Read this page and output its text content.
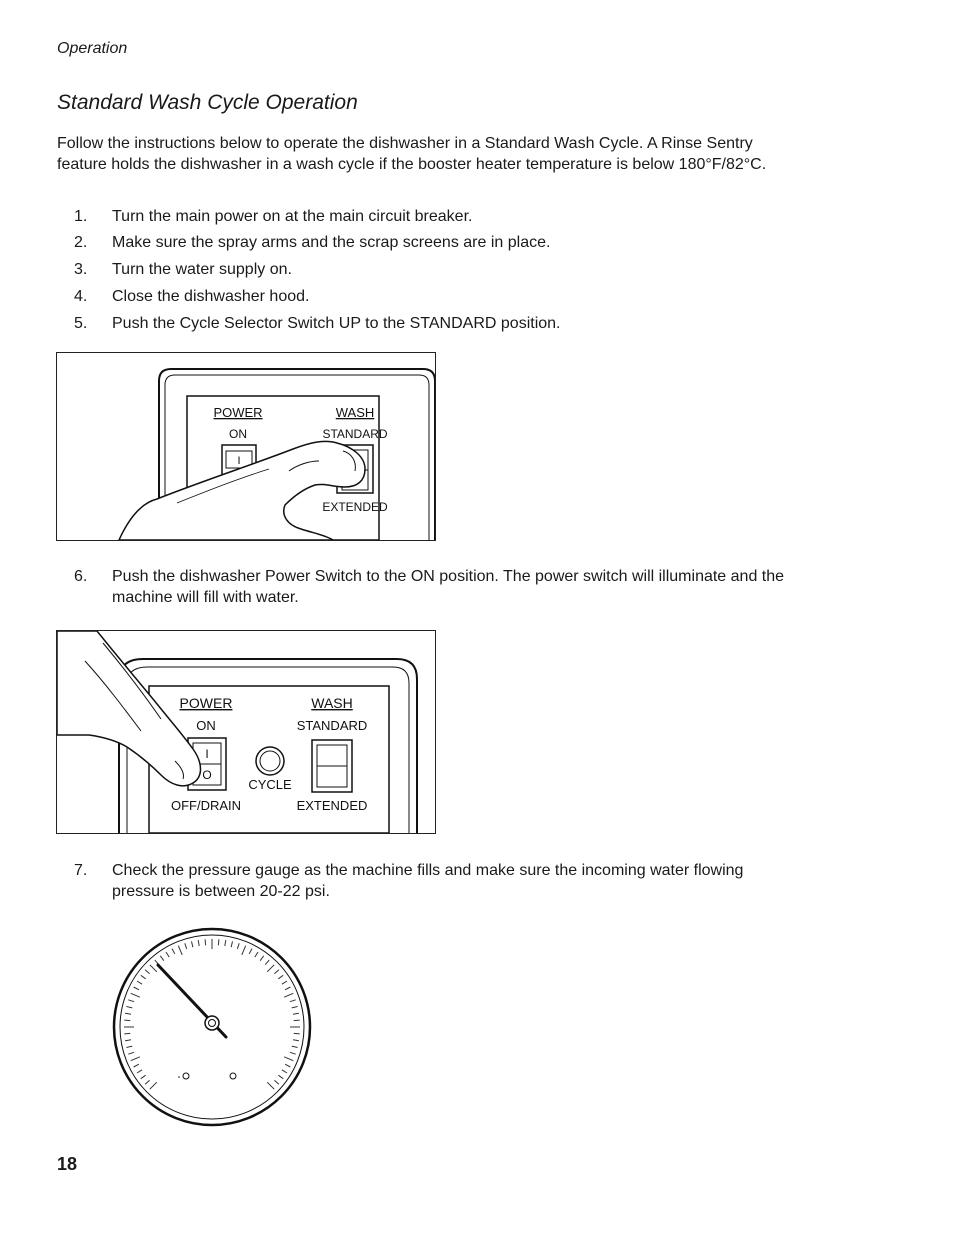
Operation
Standard Wash Cycle Operation

Follow the instructions below to operate the dishwasher in a Standard Wash Cycle. A Rinse Sentry feature holds the dishwasher in a wash cycle if the booster heater temperature is below 180°F/82°C.

1. Turn the main power on at the main circuit breaker.
2. Make sure the spray arms and the scrap screens are in place.
3. Turn the water supply on.
4. Close the dishwasher hood.
5. Push the Cycle Selector Switch UP to the STANDARD position.
POWER	WASH
ON	STANDARD
I
EXTENDED
6. Push the dishwasher Power Switch to the ON position. The power switch will illuminate and the machine will fill with water.
POWER	WASH
ON	STANDARD
I
O
CYCLE
OFF/DRAIN	EXTENDED
7. Check the pressure gauge as the machine fills and make sure the incoming water flowing pressure is between 20-22 psi.
18
